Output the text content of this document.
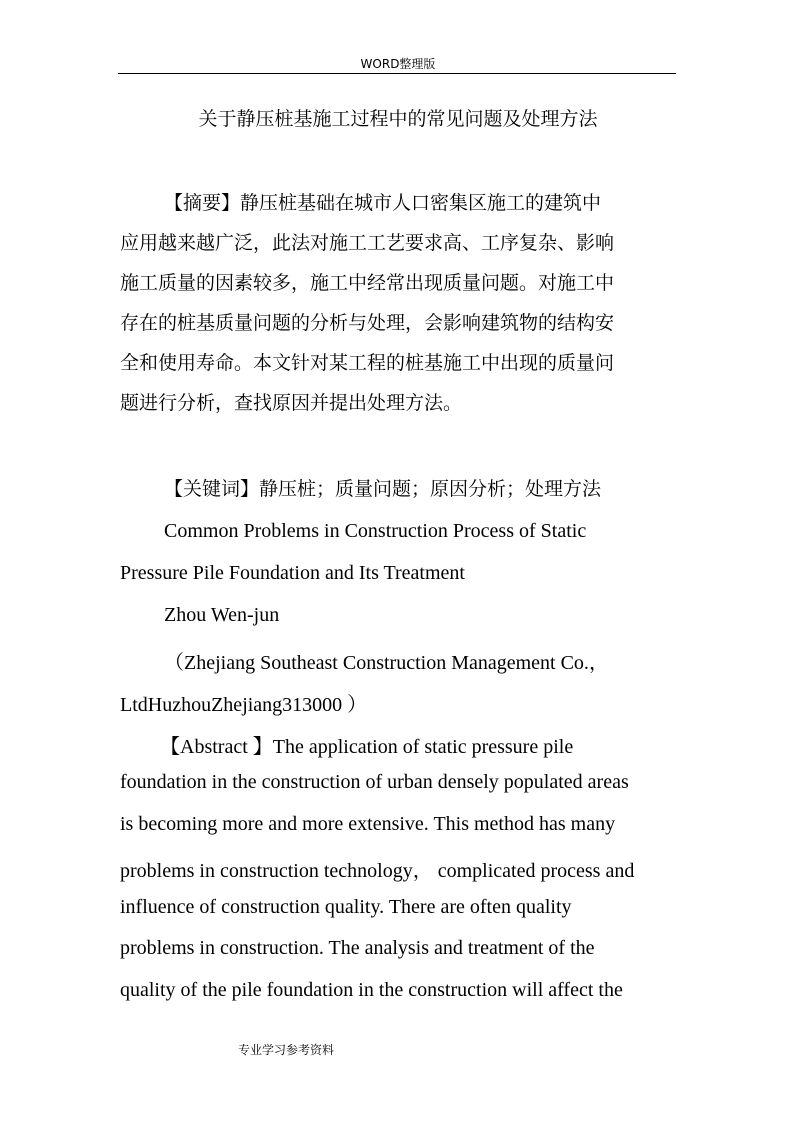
WORD整理版
关于静压桩基施工过程中的常见问题及处理方法
【摘要】静压桩基础在城市人口密集区施工的建筑中
应用越来越广泛，此法对施工工艺要求高、工序复杂、影响
施工质量的因素较多，施工中经常出现质量问题。对施工中
存在的桩基质量问题的分析与处理，会影响建筑物的结构安
全和使用寿命。本文针对某工程的桩基施工中出现的质量问
题进行分析，查找原因并提出处理方法。
【关键词】静压桩；质量问题；原因分析；处理方法
Common Problems in Construction Process of Static
Pressure Pile Foundation and Its Treatment
Zhou Wen-jun
（Zhejiang Southeast Construction Management Co.，
LtdHuzhouZhejiang313000 ）
【Abstract 】The application of static pressure pile
foundation in the construction of urban densely populated areas
is becoming more and more extensive. This method has many
problems in construction technology， complicated process and
influence of construction quality. There are often quality
problems in construction. The analysis and treatment of the
quality of the pile foundation in the construction will affect the
专业学习参考资料
